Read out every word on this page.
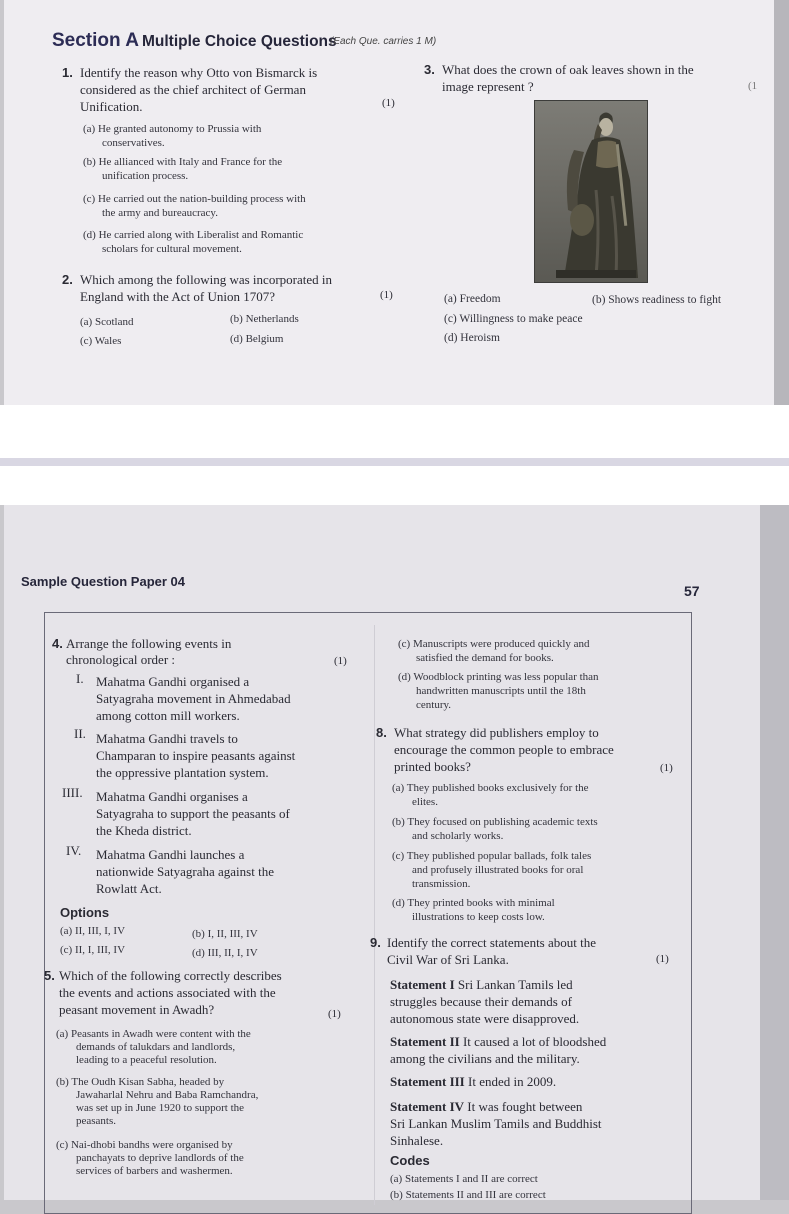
Section A Multiple Choice Questions
(Each Que. carries 1 M)
1. Identify the reason why Otto von Bismarck is
considered as the chief architect of German
Unification.	(1)
(a) He granted autonomy to Prussia with
conservatives.
(b) He allianced with Italy and France for the
unification process.
(c) He carried out the nation-building process with
the army and bureaucracy.
(d) He carried along with Liberalist and Romantic
scholars for cultural movement.
2. Which among the following was incorporated in
England with the Act of Union 1707?	(1)
(a) Scotland	(b) Netherlands
(c) Wales	(d) Belgium
3. What does the crown of oak leaves shown in the
image represent ?	(1
(a) Freedom	(b) Shows readiness to fight
(c) Willingness to make peace
(d) Heroism
Sample Question Paper 04
57
4. Arrange the following events in
chronological order :	(1)
I. Mahatma Gandhi organised a
Satyagraha movement in Ahmedabad
among cotton mill workers.
II. Mahatma Gandhi travels to
Champaran to inspire peasants against
the oppressive plantation system.
IIII. Mahatma Gandhi organises a
Satyagraha to support the peasants of
the Kheda district.
IV. Mahatma Gandhi launches a
nationwide Satyagraha against the
Rowlatt Act.
Options
(a) II, III, I, IV	(b) I, II, III, IV
(c) II, I, III, IV	(d) III, II, I, IV
5. Which of the following correctly describes
the events and actions associated with the
peasant movement in Awadh?	(1)
(a) Peasants in Awadh were content with the
demands of talukdars and landlords,
leading to a peaceful resolution.
(b) The Oudh Kisan Sabha, headed by
Jawaharlal Nehru and Baba Ramchandra,
was set up in June 1920 to support the
peasants.
(c) Nai-dhobi bandhs were organised by
panchayats to deprive landlords of the
services of barbers and washermen.
(c) Manuscripts were produced quickly and
satisfied the demand for books.
(d) Woodblock printing was less popular than
handwritten manuscripts until the 18th
century.
8. What strategy did publishers employ to
encourage the common people to embrace
printed books?	(1)
(a) They published books exclusively for the
elites.
(b) They focused on publishing academic texts
and scholarly works.
(c) They published popular ballads, folk tales
and profusely illustrated books for oral
transmission.
(d) They printed books with minimal
illustrations to keep costs low.
9. Identify the correct statements about the
Civil War of Sri Lanka.	(1)
Statement I Sri Lankan Tamils led
struggles because their demands of
autonomous state were disapproved.
Statement II It caused a lot of bloodshed
among the civilians and the military.
Statement III It ended in 2009.
Statement IV It was fought between
Sri Lankan Muslim Tamils and Buddhist
Sinhalese.
Codes
(a) Statements I and II are correct
(b) Statements II and III are correct
